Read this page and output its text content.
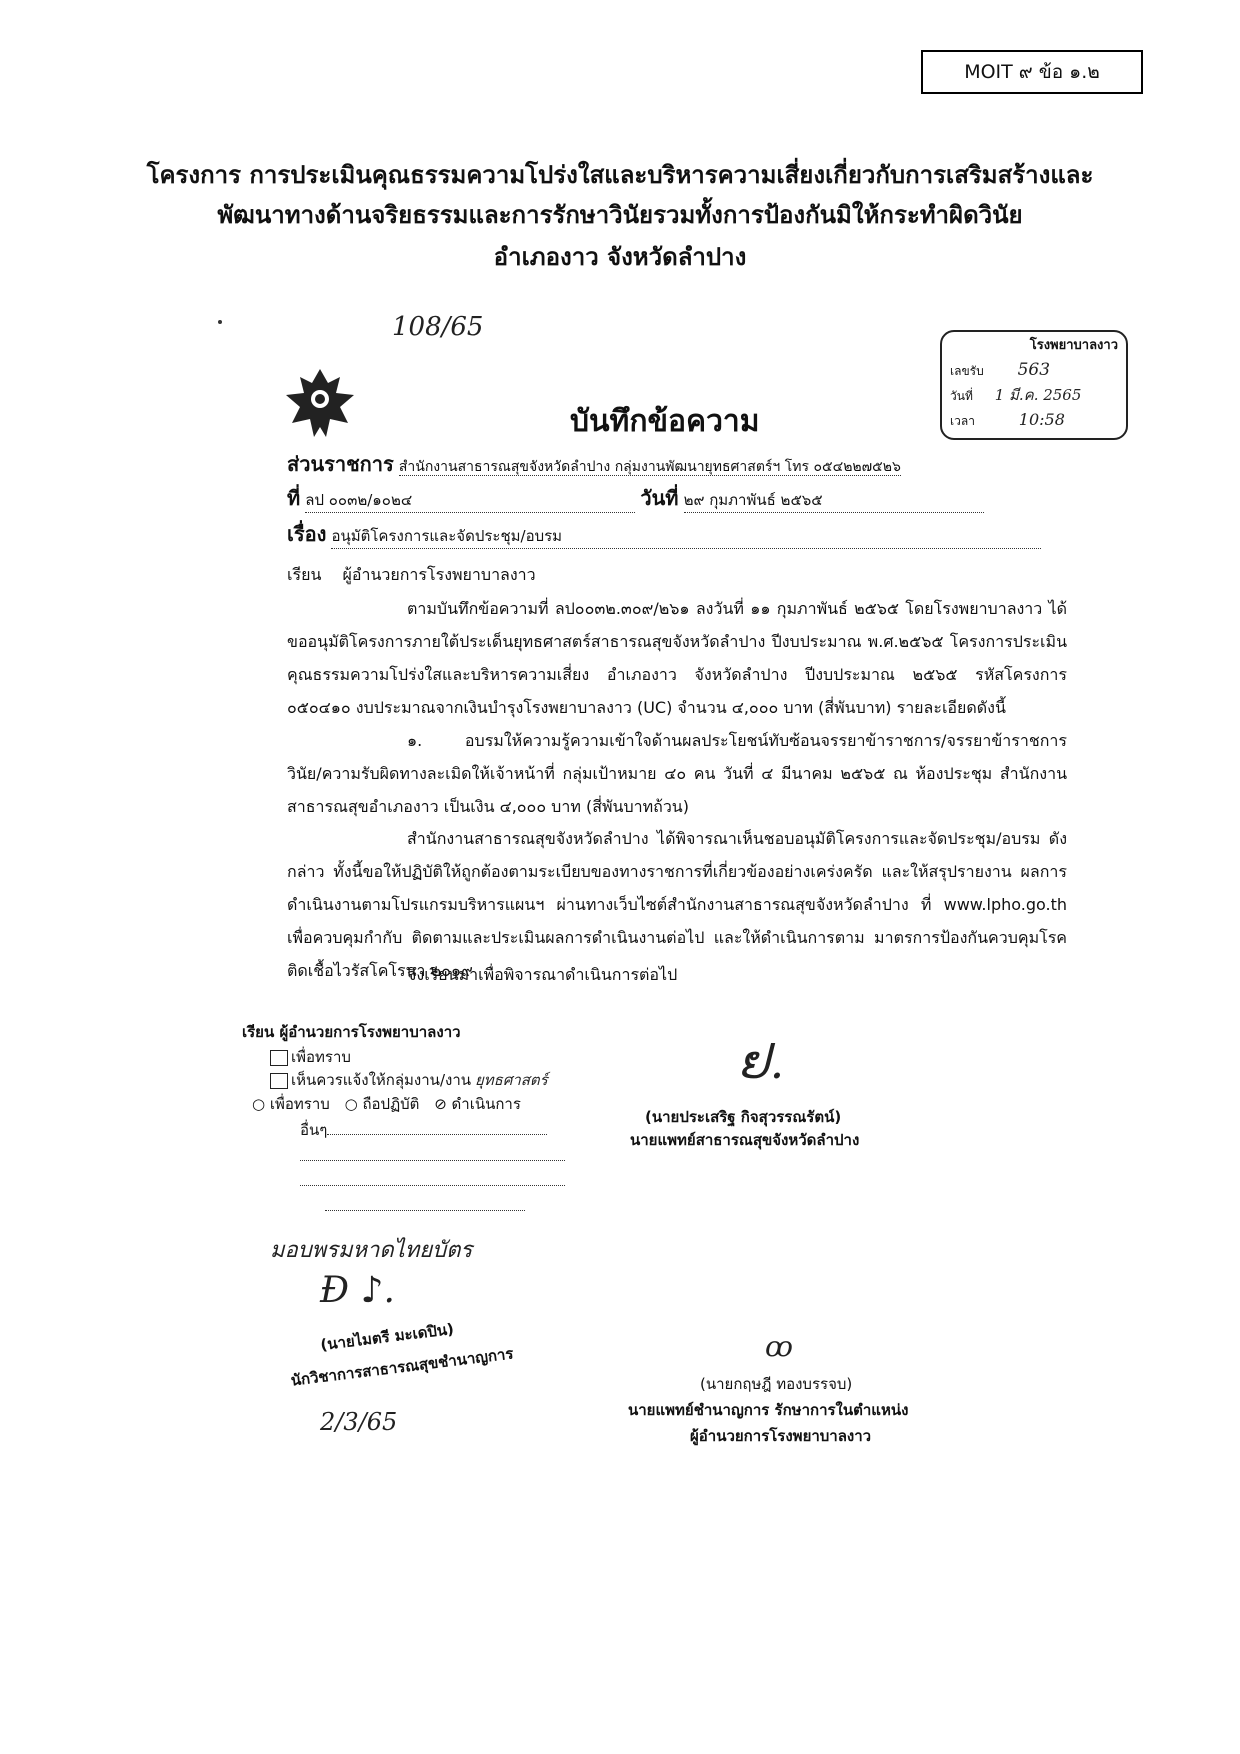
MOIT ๙ ข้อ ๑.๒
โครงการ การประเมินคุณธรรมความโปร่งใสและบริหารความเสี่ยงเกี่ยวกับการเสริมสร้างและ
พัฒนาทางด้านจริยธรรมและการรักษาวินัยรวมทั้งการป้องกันมิให้กระทำผิดวินัย
อำเภองาว จังหวัดลำปาง
108/65
โรงพยาบาลงาว
เลขรับ 563
วันที่ 1 มี.ค. 2565
เวลา	10:58
บันทึกข้อความ
ส่วนราชการ สำนักงานสาธารณสุขจังหวัดลำปาง กลุ่มงานพัฒนายุทธศาสตร์ฯ โทร ๐๕๔๒๒๗๕๒๖
ที่ ลป ๐๐๓๒/๑๐๒๔	วันที่ ๒๙ กุมภาพันธ์ ๒๕๖๕
เรื่อง อนุมัติโครงการและจัดประชุม/อบรม
เรียน ผู้อำนวยการโรงพยาบาลงาว
ตามบันทึกข้อความที่ ลป๐๐๓๒.๓๐๙/๒๖๑ ลงวันที่ ๑๑ กุมภาพันธ์ ๒๕๖๕ โดยโรงพยาบาลงาว ได้ขออนุมัติโครงการภายใต้ประเด็นยุทธศาสตร์สาธารณสุขจังหวัดลำปาง ปีงบประมาณ พ.ศ.๒๕๖๕ โครงการประเมินคุณธรรมความโปร่งใสและบริหารความเสี่ยง อำเภองาว จังหวัดลำปาง ปีงบประมาณ ๒๕๖๕ รหัสโครงการ ๐๕๐๔๑๐ งบประมาณจากเงินบำรุงโรงพยาบาลงาว (UC) จำนวน ๔,๐๐๐ บาท (สี่พันบาท) รายละเอียดดังนี้
๑. อบรมให้ความรู้ความเข้าใจด้านผลประโยชน์ทับซ้อนจรรยาข้าราชการ/จรรยาข้าราชการ วินัย/ความรับผิดทางละเมิดให้เจ้าหน้าที่ กลุ่มเป้าหมาย ๔๐ คน วันที่ ๔ มีนาคม ๒๕๖๕ ณ ห้องประชุม สำนักงานสาธารณสุขอำเภองาว เป็นเงิน ๔,๐๐๐ บาท (สี่พันบาทถ้วน)
สำนักงานสาธารณสุขจังหวัดลำปาง ได้พิจารณาเห็นชอบอนุมัติโครงการและจัดประชุม/อบรม ดังกล่าว ทั้งนี้ขอให้ปฏิบัติให้ถูกต้องตามระเบียบของทางราชการที่เกี่ยวข้องอย่างเคร่งครัด และให้สรุปรายงาน ผลการดำเนินงานตามโปรแกรมบริหารแผนฯ ผ่านทางเว็บไซต์สำนักงานสาธารณสุขจังหวัดลำปาง ที่ www.lpho.go.th เพื่อควบคุมกำกับ ติดตามและประเมินผลการดำเนินงานต่อไป และให้ดำเนินการตาม มาตรการป้องกันควบคุมโรคติดเชื้อไวรัสโคโรนา ๒๐๑๙
จึงเรียนมาเพื่อพิจารณาดำเนินการต่อไป
ຢ.
(นายประเสริฐ กิจสุวรรณรัตน์)
นายแพทย์สาธารณสุขจังหวัดลำปาง
เรียน ผู้อำนวยการโรงพยาบาลงาว
เพื่อทราบ
เห็นควรแจ้งให้กลุ่มงาน/งาน ยุทธศาสตร์
○ เพื่อทราบ ○ ถือปฏิบัติ ⊘ ดำเนินการ
อื่นๆ
มอบพรมหาดไทยบัตร
Ɖ ♪.
(นายไมตรี มะเดปิน)
นักวิชาการสาธารณสุขชำนาญการ
2/3/65
ꝏ
(นายกฤษฎี ทองบรรจบ)
นายแพทย์ชำนาญการ รักษาการในตำแหน่ง
ผู้อำนวยการโรงพยาบาลงาว
